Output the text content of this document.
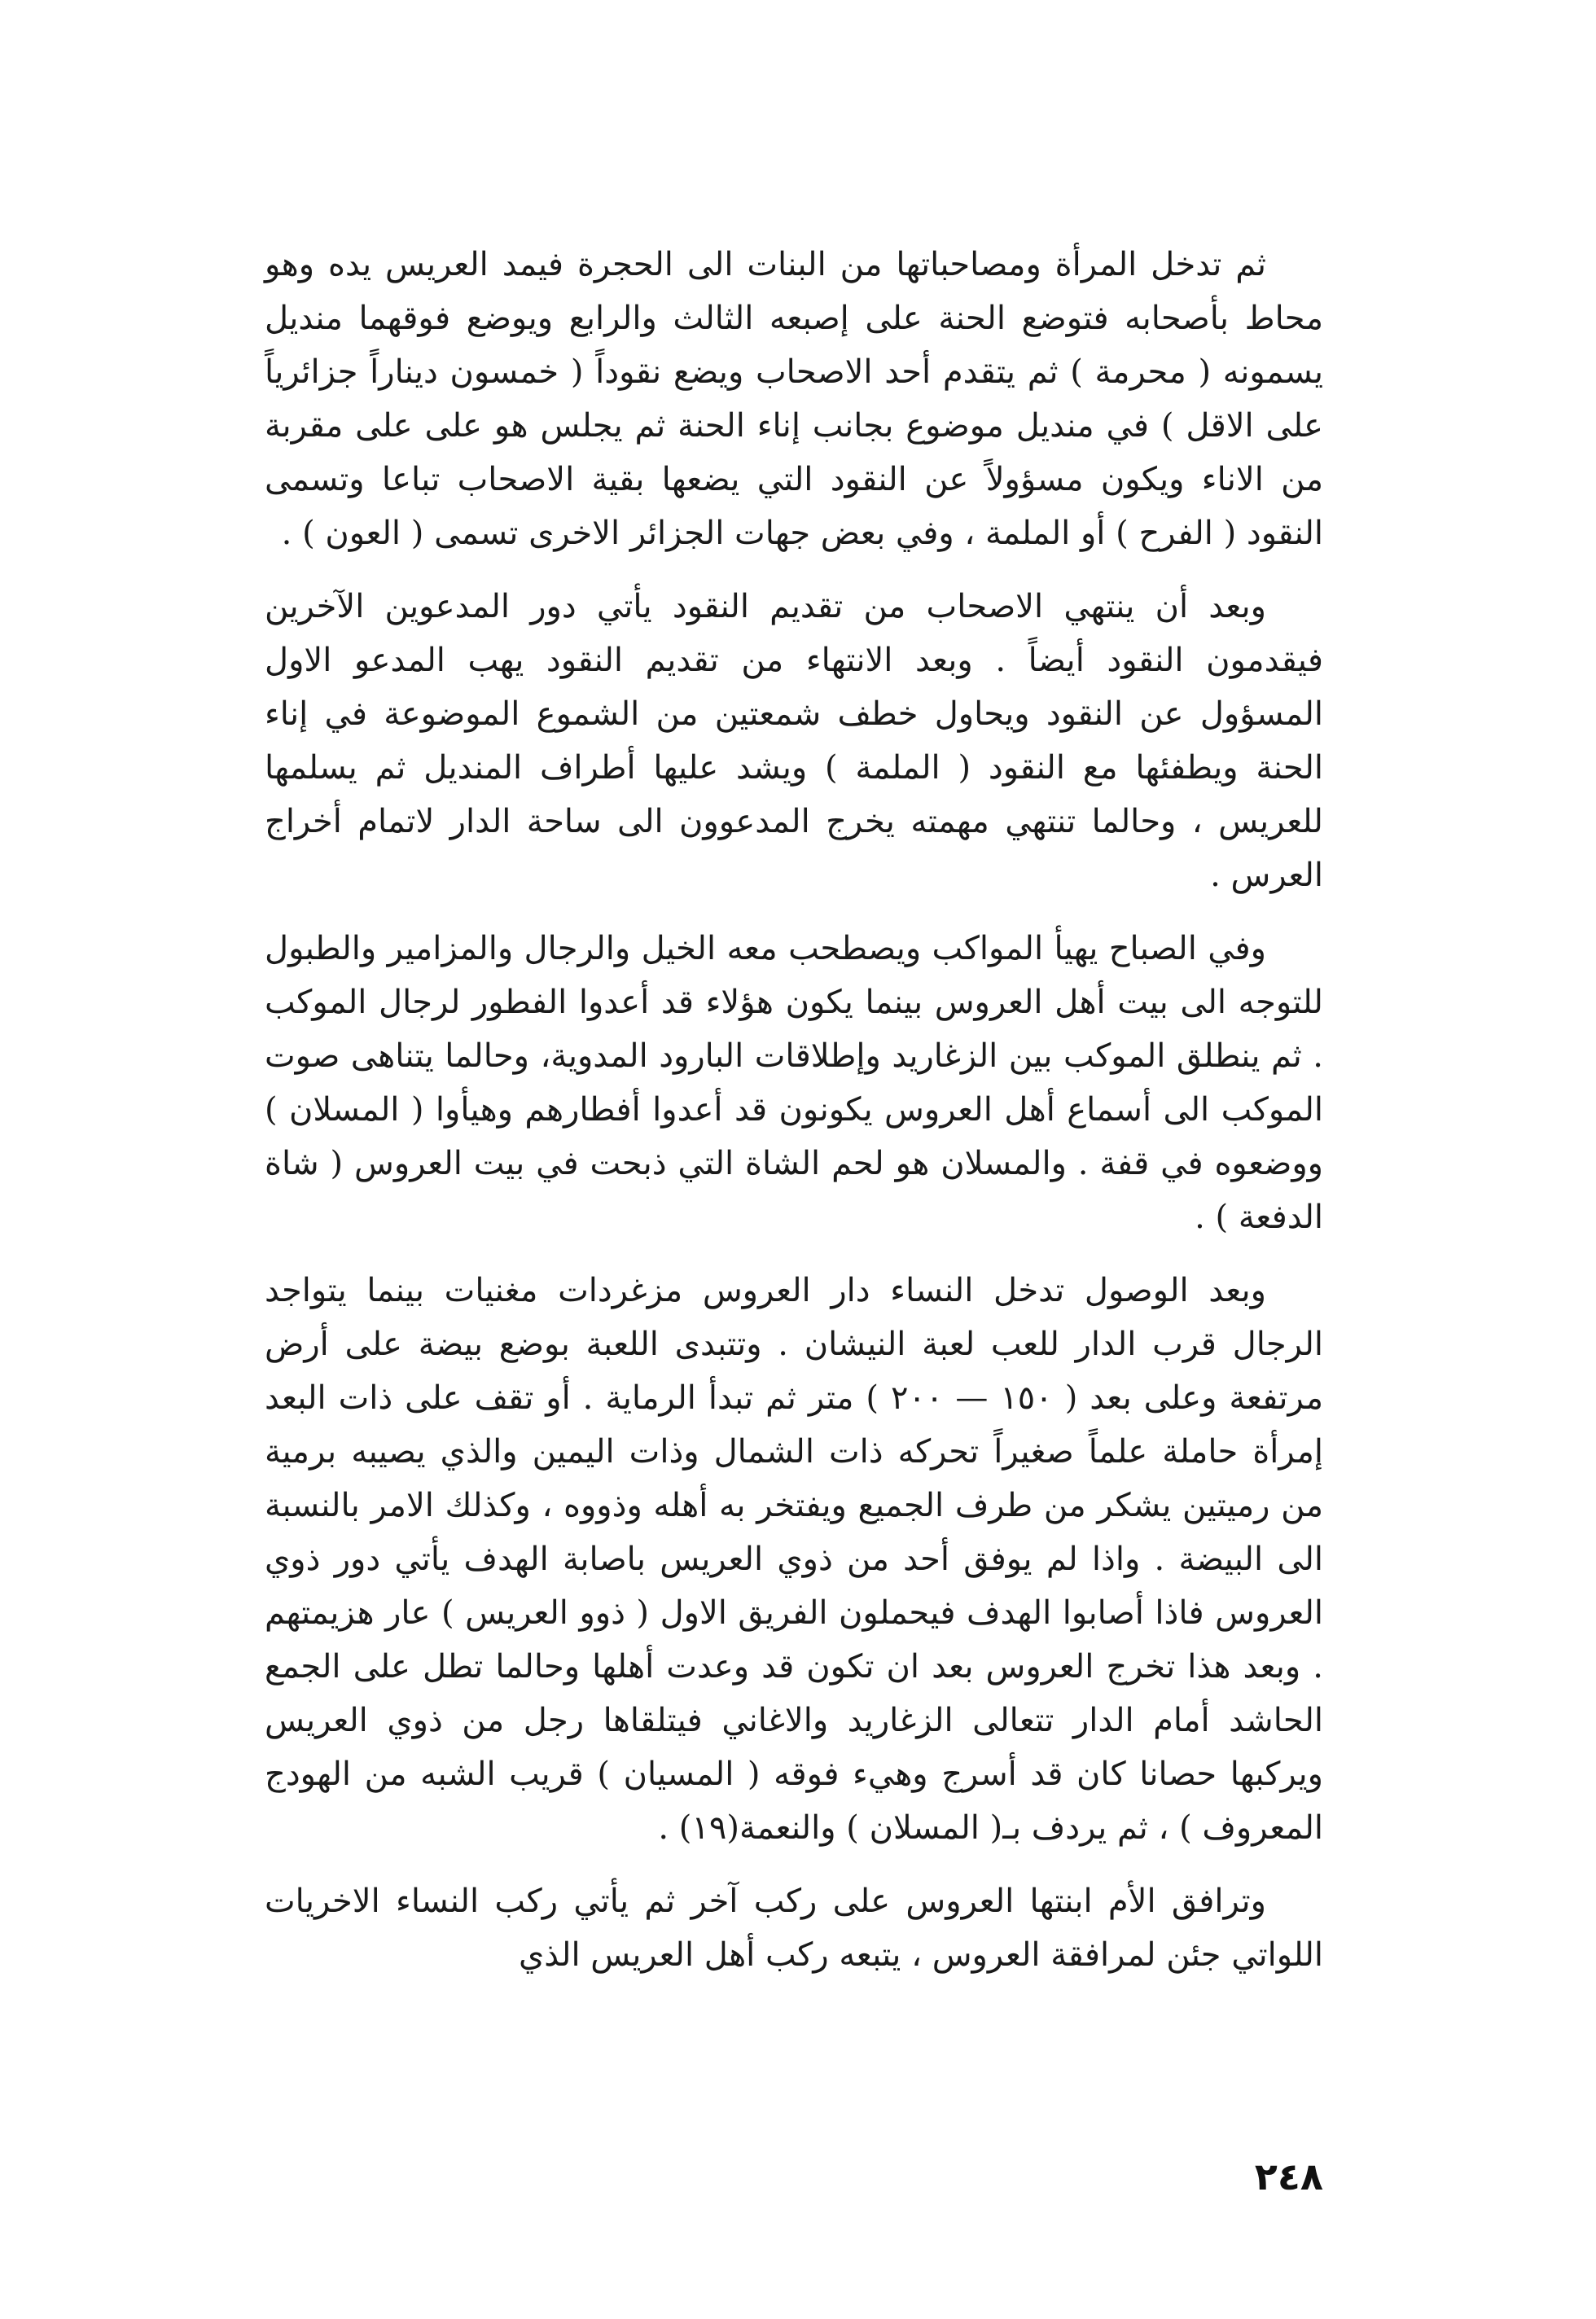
ثم تدخل المرأة ومصاحباتها من البنات الى الحجرة فيمد العريس يده وهو محاط بأصحابه فتوضع الحنة على إصبعه الثالث والرابع ويوضع فوقهما منديل يسمونه ( محرمة ) ثم يتقدم أحد الاصحاب ويضع نقوداً ( خمسون ديناراً جزائرياً على الاقل ) في منديل موضوع بجانب إناء الحنة ثم يجلس هو على على مقربة من الاناء ويكون مسؤولاً عن النقود التي يضعها بقية الاصحاب تباعا وتسمى النقود ( الفرح ) أو الملمة ، وفي بعض جهات الجزائر الاخرى تسمى ( العون ) .

وبعد أن ينتهي الاصحاب من تقديم النقود يأتي دور المدعوين الآخرين فيقدمون النقود أيضاً . وبعد الانتهاء من تقديم النقود يهب المدعو الاول المسؤول عن النقود ويحاول خطف شمعتين من الشموع الموضوعة في إناء الحنة ويطفئها مع النقود ( الملمة ) ويشد عليها أطراف المنديل ثم يسلمها للعريس ، وحالما تنتهي مهمته يخرج المدعوون الى ساحة الدار لاتمام أخراج العرس .

وفي الصباح يهيأ المواكب ويصطحب معه الخيل والرجال والمزامير والطبول للتوجه الى بيت أهل العروس بينما يكون هؤلاء قد أعدوا الفطور لرجال الموكب . ثم ينطلق الموكب بين الزغاريد وإطلاقات البارود المدوية، وحالما يتناهى صوت الموكب الى أسماع أهل العروس يكونون قد أعدوا أفطارهم وهيأوا ( المسلان ) ووضعوه في قفة . والمسلان هو لحم الشاة التي ذبحت في بيت العروس ( شاة الدفعة ) .

وبعد الوصول تدخل النساء دار العروس مزغردات مغنيات بينما يتواجد الرجال قرب الدار للعب لعبة النيشان . وتتبدى اللعبة بوضع بيضة على أرض مرتفعة وعلى بعد ( ١٥٠ — ٢٠٠ ) متر ثم تبدأ الرماية . أو تقف على ذات البعد إمرأة حاملة علماً صغيراً تحركه ذات الشمال وذات اليمين والذي يصيبه برمية من رميتين يشكر من طرف الجميع ويفتخر به أهله وذووه ، وكذلك الامر بالنسبة الى البيضة . واذا لم يوفق أحد من ذوي العريس باصابة الهدف يأتي دور ذوي العروس فاذا أصابوا الهدف فيحملون الفريق الاول ( ذوو العريس ) عار هزيمتهم . وبعد هذا تخرج العروس بعد ان تكون قد وعدت أهلها وحالما تطل على الجمع الحاشد أمام الدار تتعالى الزغاريد والاغاني فيتلقاها رجل من ذوي العريس ويركبها حصانا كان قد أسرج وهيء فوقه ( المسيان ) قريب الشبه من الهودج المعروف ) ، ثم يردف بـ( المسلان ) والنعمة(١٩) .

وترافق الأم ابنتها العروس على ركب آخر ثم يأتي ركب النساء الاخريات اللواتي جئن لمرافقة العروس ، يتبعه ركب أهل العريس الذي

٢٤٨
